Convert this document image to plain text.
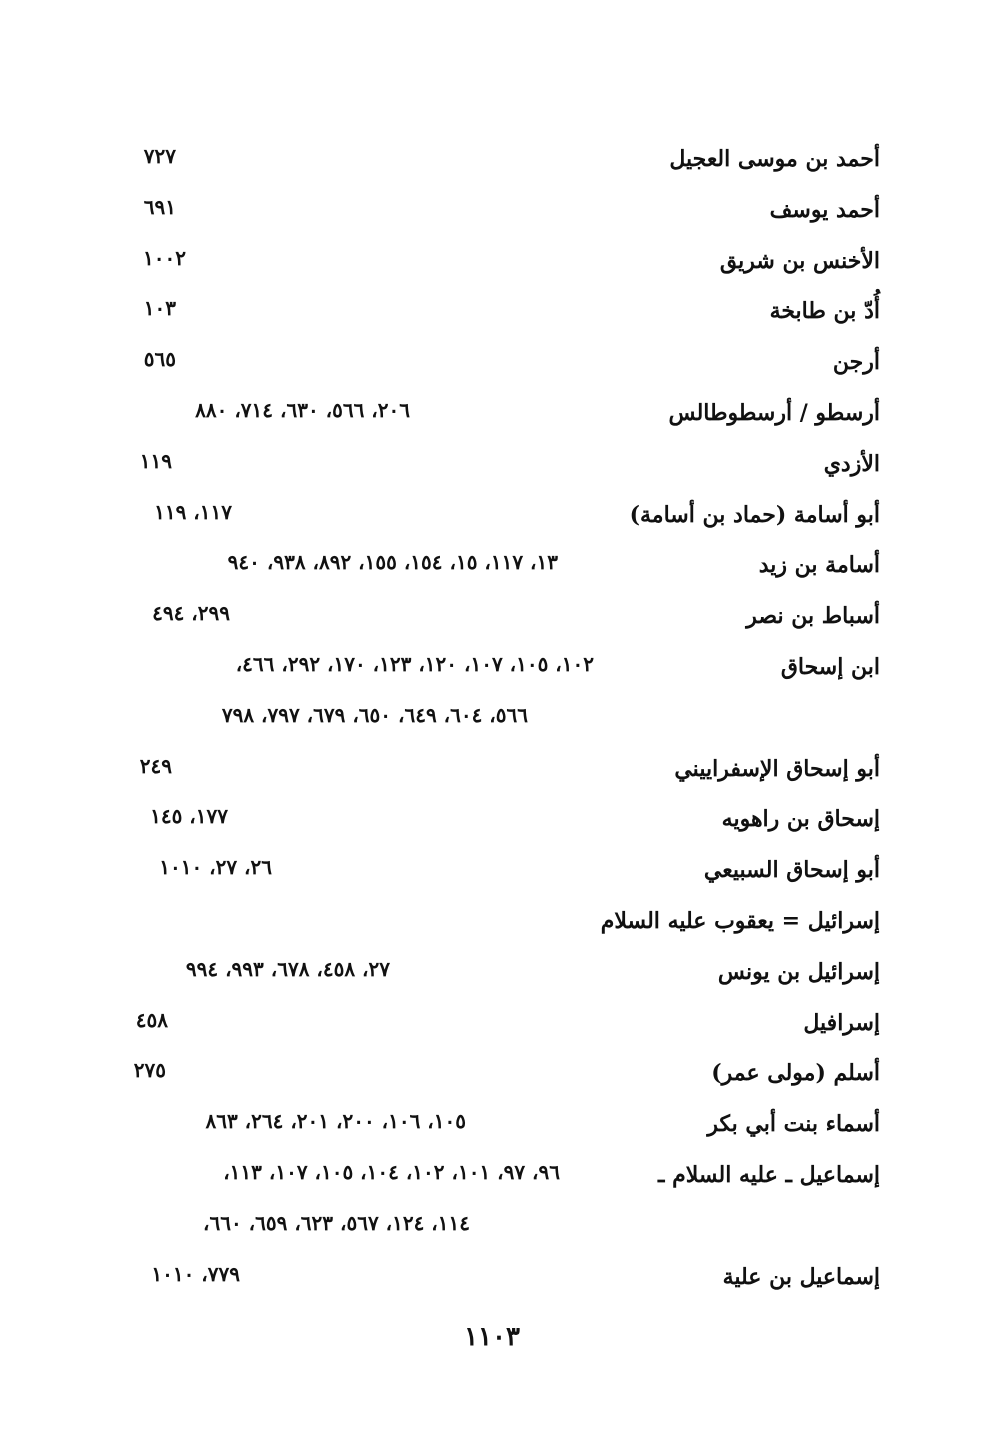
أحمد بن موسى العجيل
٧٢٧
أحمد يوسف
٦٩١
الأخنس بن شريق
١٠٠٢
أُدّ بن طابخة
١٠٣
أرجن
٥٦٥
أرسطو / أرسطوطالس
٢٠٦، ٥٦٦، ٦٣٠، ٧١٤، ٨٨٠
الأزدي
١١٩
أبو أسامة (حماد بن أسامة)
١١٧، ١١٩
أسامة بن زيد
١٣، ١١٧، ١٥، ١٥٤، ١٥٥، ٨٩٢، ٩٣٨، ٩٤٠
أسباط بن نصر
٢٩٩، ٤٩٤
ابن إسحاق
١٠٢، ١٠٥، ١٠٧، ١٢٠، ١٢٣، ١٧٠، ٢٩٢، ٤٦٦،
٥٦٦، ٦٠٤، ٦٤٩، ٦٥٠، ٦٧٩، ٧٩٧، ٧٩٨
أبو إسحاق الإسفراييني
٢٤٩
إسحاق بن راهويه
١٧٧، ١٤٥
أبو إسحاق السبيعي
٢٦، ٢٧، ١٠١٠
إسرائيل = يعقوب عليه السلام
إسرائيل بن يونس
٢٧، ٤٥٨، ٦٧٨، ٩٩٣، ٩٩٤
إسرافيل
٤٥٨
أسلم (مولى عمر)
٢٧٥
أسماء بنت أبي بكر
١٠٥، ١٠٦، ٢٠٠، ٢٠١، ٢٦٤، ٨٦٣
إسماعيل ـ عليه السلام ـ
٩٦، ٩٧، ١٠١، ١٠٢، ١٠٤، ١٠٥، ١٠٧، ١١٣،
١١٤، ١٢٤، ٥٦٧، ٦٢٣، ٦٥٩، ٦٦٠،
إسماعيل بن علية
٧٧٩، ١٠١٠
١١٠٣
